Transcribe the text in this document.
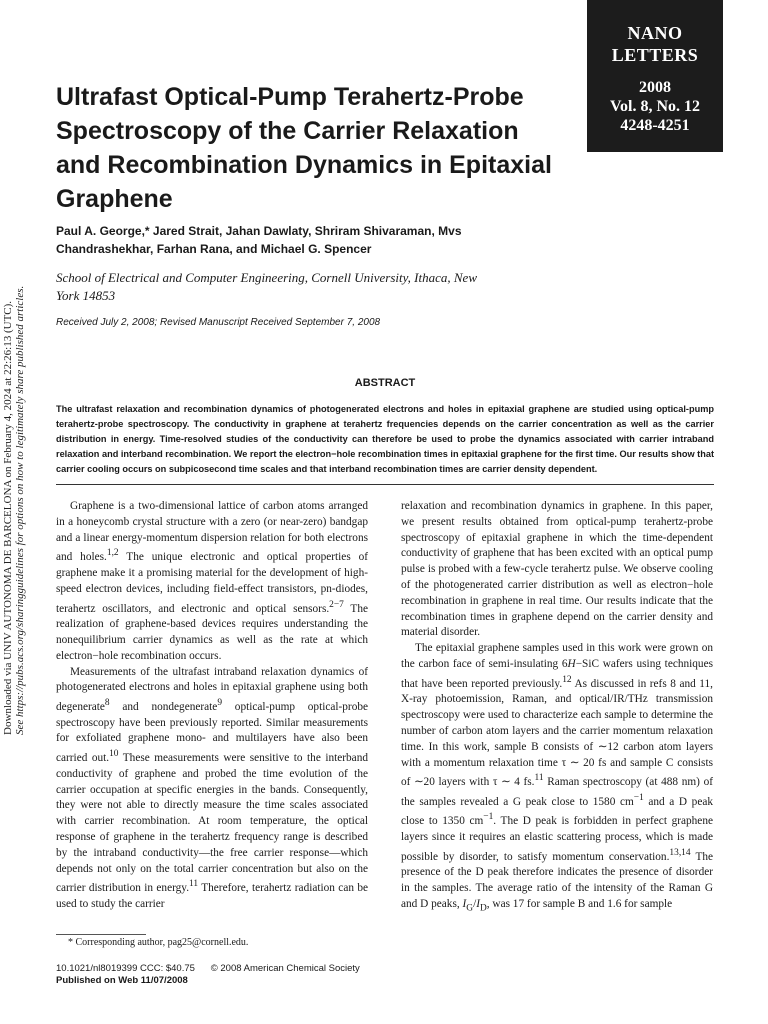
NANO
LETTERS
2008
Vol. 8, No. 12
4248-4251
Downloaded via UNIV AUTONOMA DE BARCELONA on February 4, 2024 at 22:26:13 (UTC). See https://pubs.acs.org/sharingguidelines for options on how to legitimately share published articles.
Ultrafast Optical-Pump Terahertz-Probe Spectroscopy of the Carrier Relaxation and Recombination Dynamics in Epitaxial Graphene
Paul A. George,* Jared Strait, Jahan Dawlaty, Shriram Shivaraman, Mvs Chandrashekhar, Farhan Rana, and Michael G. Spencer
School of Electrical and Computer Engineering, Cornell University, Ithaca, New York 14853
Received July 2, 2008; Revised Manuscript Received September 7, 2008
ABSTRACT

The ultrafast relaxation and recombination dynamics of photogenerated electrons and holes in epitaxial graphene are studied using optical-pump terahertz-probe spectroscopy. The conductivity in graphene at terahertz frequencies depends on the carrier concentration as well as the carrier distribution in energy. Time-resolved studies of the conductivity can therefore be used to probe the dynamics associated with carrier intraband relaxation and interband recombination. We report the electron−hole recombination times in epitaxial graphene for the first time. Our results show that carrier cooling occurs on subpicosecond time scales and that interband recombination times are carrier density dependent.

Graphene is a two-dimensional lattice of carbon atoms arranged in a honeycomb crystal structure with a zero (or near-zero) bandgap and a linear energy-momentum dispersion relation for both electrons and holes.$^{1,2}$ The unique electronic and optical properties of graphene make it a promising material for the development of high-speed electron devices, including field-effect transistors, pn-diodes, terahertz oscillators, and electronic and optical sensors.$^{2-7}$ The realization of graphene-based devices requires understanding the nonequilibrium carrier dynamics as well as the rate at which electron−hole recombination occurs.

Measurements of the ultrafast intraband relaxation dynamics of photogenerated electrons and holes in epitaxial graphene using both degenerate$^8$ and nondegenerate$^9$ optical-pump optical-probe spectroscopy have been previously reported. Similar measurements for exfoliated graphene mono- and multilayers have also been carried out.$^{10}$ These measurements were sensitive to the interband conductivity of graphene and probed the time evolution of the carrier occupation at specific energies in the bands. Consequently, they were not able to directly measure the time scales associated with carrier recombination. At room temperature, the optical response of graphene in the terahertz frequency range is described by the intraband conductivity—the free carrier response—which depends not only on the total carrier concentration but also on the carrier distribution in energy.$^{11}$ Therefore, terahertz radiation can be used to study the carrier

relaxation and recombination dynamics in graphene. In this paper, we present results obtained from optical-pump terahertz-probe spectroscopy of epitaxial graphene in which the time-dependent conductivity of graphene that has been excited with an optical pump pulse is probed with a few-cycle terahertz pulse. We observe cooling of the photogenerated carrier distribution as well as electron−hole recombination in graphene in real time. Our results indicate that the recombination times in graphene depend on the carrier density and material disorder.

The epitaxial graphene samples used in this work were grown on the carbon face of semi-insulating 6H−SiC wafers using techniques that have been reported previously.$^{12}$ As discussed in refs 8 and 11, X-ray photoemission, Raman, and optical/IR/THz transmission spectroscopy were used to characterize each sample to determine the number of carbon atom layers and the carrier momentum relaxation time. In this work, sample B consists of ∼12 carbon atom layers with a momentum relaxation time τ ∼ 20 fs and sample C consists of ∼20 layers with τ ∼ 4 fs.$^{11}$ Raman spectroscopy (at 488 nm) of the samples revealed a G peak close to 1580 $cm^{-1}$ and a D peak close to 1350 $cm^{-1}$. The D peak is forbidden in perfect graphene layers since it requires an elastic scattering process, which is made possible by disorder, to satisfy momentum conservation.$^{13,14}$ The presence of the D peak therefore indicates the presence of disorder in the samples. The average ratio of the intensity of the Raman G and D peaks, $I_G/I_D$, was 17 for sample B and 1.6 for sample

* Corresponding author, pag25@cornell.edu.
10.1021/nl8019399 CCC: $40.75      © 2008 American Chemical Society
Published on Web 11/07/2008
